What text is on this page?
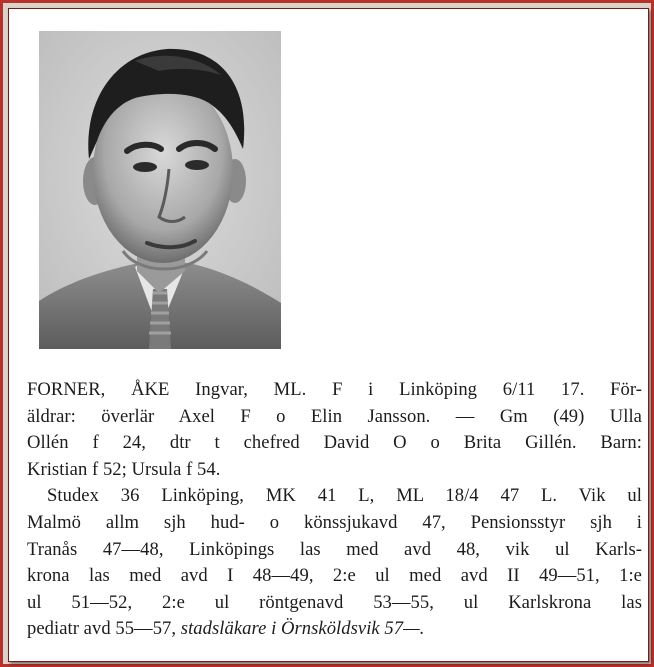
FORNER, ÅKE Ingvar, ML. F i Linköping 6/11 17. För-
äldrar: överlär Axel F o Elin Jansson. — Gm (49) Ulla
Ollén f 24, dtr t chefred David O o Brita Gillén. Barn:
Kristian f 52; Ursula f 54.
Studex 36 Linköping, MK 41 L, ML 18/4 47 L. Vik ul
Malmö allm sjh hud- o könssjukavd 47, Pensionsstyr sjh i
Tranås 47—48, Linköpings las med avd 48, vik ul Karls-
krona las med avd I 48—49, 2:e ul med avd II 49—51, 1:e
ul 51—52, 2:e ul röntgenavd 53—55, ul Karlskrona las
pediatr avd 55—57, stadsläkare i Örnsköldsvik 57—.
